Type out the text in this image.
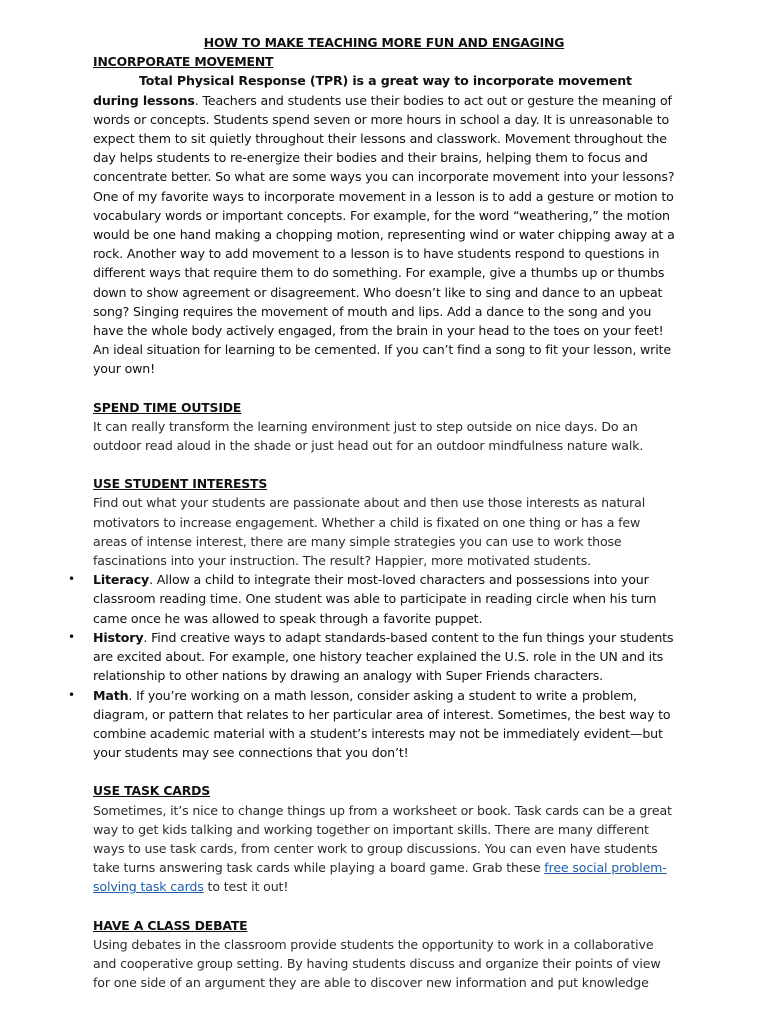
HOW TO MAKE TEACHING MORE FUN AND ENGAGING

INCORPORATE MOVEMENT

Total Physical Response (TPR) is a great way to incorporate movement during lessons. Teachers and students use their bodies to act out or gesture the meaning of words or concepts. Students spend seven or more hours in school a day. It is unreasonable to expect them to sit quietly throughout their lessons and classwork. Movement throughout the day helps students to re-energize their bodies and their brains, helping them to focus and concentrate better. So what are some ways you can incorporate movement into your lessons? One of my favorite ways to incorporate movement in a lesson is to add a gesture or motion to vocabulary words or important concepts. For example, for the word “weathering,” the motion would be one hand making a chopping motion, representing wind or water chipping away at a rock. Another way to add movement to a lesson is to have students respond to questions in different ways that require them to do something. For example, give a thumbs up or thumbs down to show agreement or disagreement. Who doesn’t like to sing and dance to an upbeat song? Singing requires the movement of mouth and lips. Add a dance to the song and you have the whole body actively engaged, from the brain in your head to the toes on your feet! An ideal situation for learning to be cemented. If you can’t find a song to fit your lesson, write your own!

SPEND TIME OUTSIDE

It can really transform the learning environment just to step outside on nice days. Do an outdoor read aloud in the shade or just head out for an outdoor mindfulness nature walk.

USE STUDENT INTERESTS

Find out what your students are passionate about and then use those interests as natural motivators to increase engagement. Whether a child is fixated on one thing or has a few areas of intense interest, there are many simple strategies you can use to work those fascinations into your instruction. The result? Happier, more motivated students.

• Literacy. Allow a child to integrate their most-loved characters and possessions into your classroom reading time. One student was able to participate in reading circle when his turn came once he was allowed to speak through a favorite puppet.
• History. Find creative ways to adapt standards-based content to the fun things your students are excited about. For example, one history teacher explained the U.S. role in the UN and its relationship to other nations by drawing an analogy with Super Friends characters.
• Math. If you’re working on a math lesson, consider asking a student to write a problem, diagram, or pattern that relates to her particular area of interest. Sometimes, the best way to combine academic material with a student’s interests may not be immediately evident—but your students may see connections that you don’t!

USE TASK CARDS

Sometimes, it’s nice to change things up from a worksheet or book. Task cards can be a great way to get kids talking and working together on important skills. There are many different ways to use task cards, from center work to group discussions. You can even have students take turns answering task cards while playing a board game. Grab these free social problem-solving task cards to test it out!

HAVE A CLASS DEBATE

Using debates in the classroom provide students the opportunity to work in a collaborative and cooperative group setting. By having students discuss and organize their points of view for one side of an argument they are able to discover new information and put knowledge
